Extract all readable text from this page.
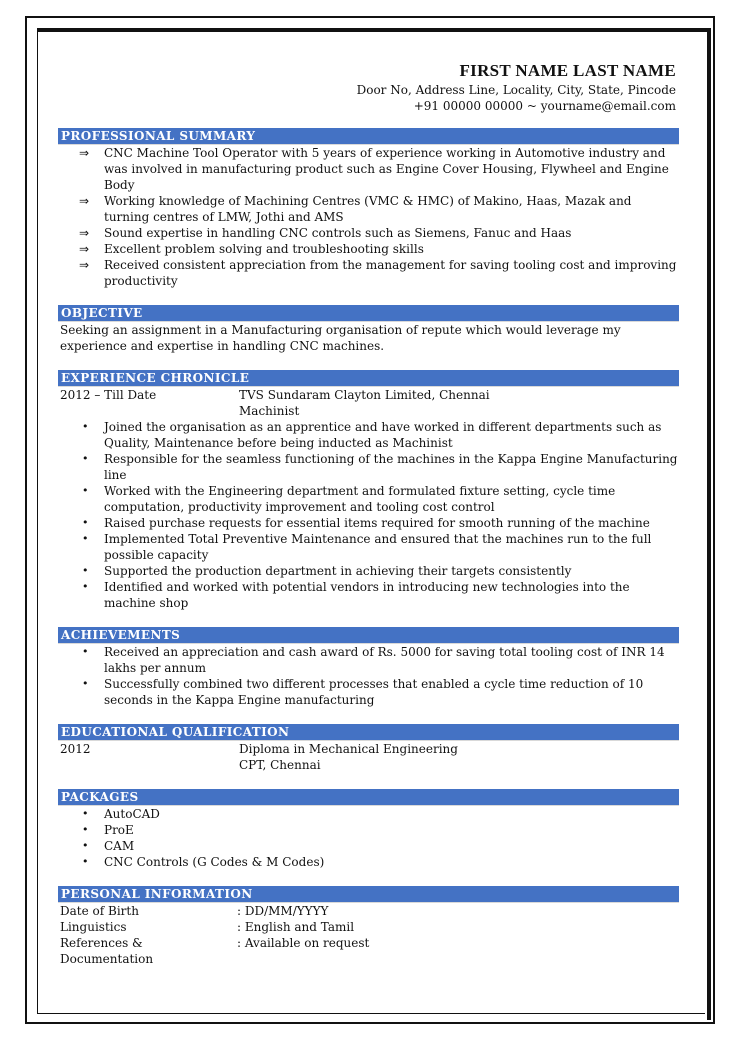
FIRST NAME LAST NAME
Door No, Address Line, Locality, City, State, Pincode
+91 00000 00000 ~ yourname@email.com
PROFESSIONAL SUMMARY
⇒ CNC Machine Tool Operator with 5 years of experience working in Automotive industry and was involved in manufacturing product such as Engine Cover Housing, Flywheel and Engine Body
⇒ Working knowledge of Machining Centres (VMC & HMC) of Makino, Haas, Mazak and turning centres of LMW, Jothi and AMS
⇒ Sound expertise in handling CNC controls such as Siemens, Fanuc and Haas
⇒ Excellent problem solving and troubleshooting skills
⇒ Received consistent appreciation from the management for saving tooling cost and improving productivity
OBJECTIVE
Seeking an assignment in a Manufacturing organisation of repute which would leverage my experience and expertise in handling CNC machines.
EXPERIENCE CHRONICLE
2012 – Till Date	TVS Sundaram Clayton Limited, Chennai
Machinist
• Joined the organisation as an apprentice and have worked in different departments such as Quality, Maintenance before being inducted as Machinist
• Responsible for the seamless functioning of the machines in the Kappa Engine Manufacturing line
• Worked with the Engineering department and formulated fixture setting, cycle time computation, productivity improvement and tooling cost control
• Raised purchase requests for essential items required for smooth running of the machine
• Implemented Total Preventive Maintenance and ensured that the machines run to the full possible capacity
• Supported the production department in achieving their targets consistently
• Identified and worked with potential vendors in introducing new technologies into the machine shop
ACHIEVEMENTS
• Received an appreciation and cash award of Rs. 5000 for saving total tooling cost of INR 14 lakhs per annum
• Successfully combined two different processes that enabled a cycle time reduction of 10 seconds in the Kappa Engine manufacturing
EDUCATIONAL QUALIFICATION
2012	Diploma in Mechanical Engineering
CPT, Chennai
PACKAGES
• AutoCAD
• ProE
• CAM
• CNC Controls (G Codes & M Codes)
PERSONAL INFORMATION
Date of Birth	: DD/MM/YYYY
Linguistics	: English and Tamil
References & Documentation
: Available on request
